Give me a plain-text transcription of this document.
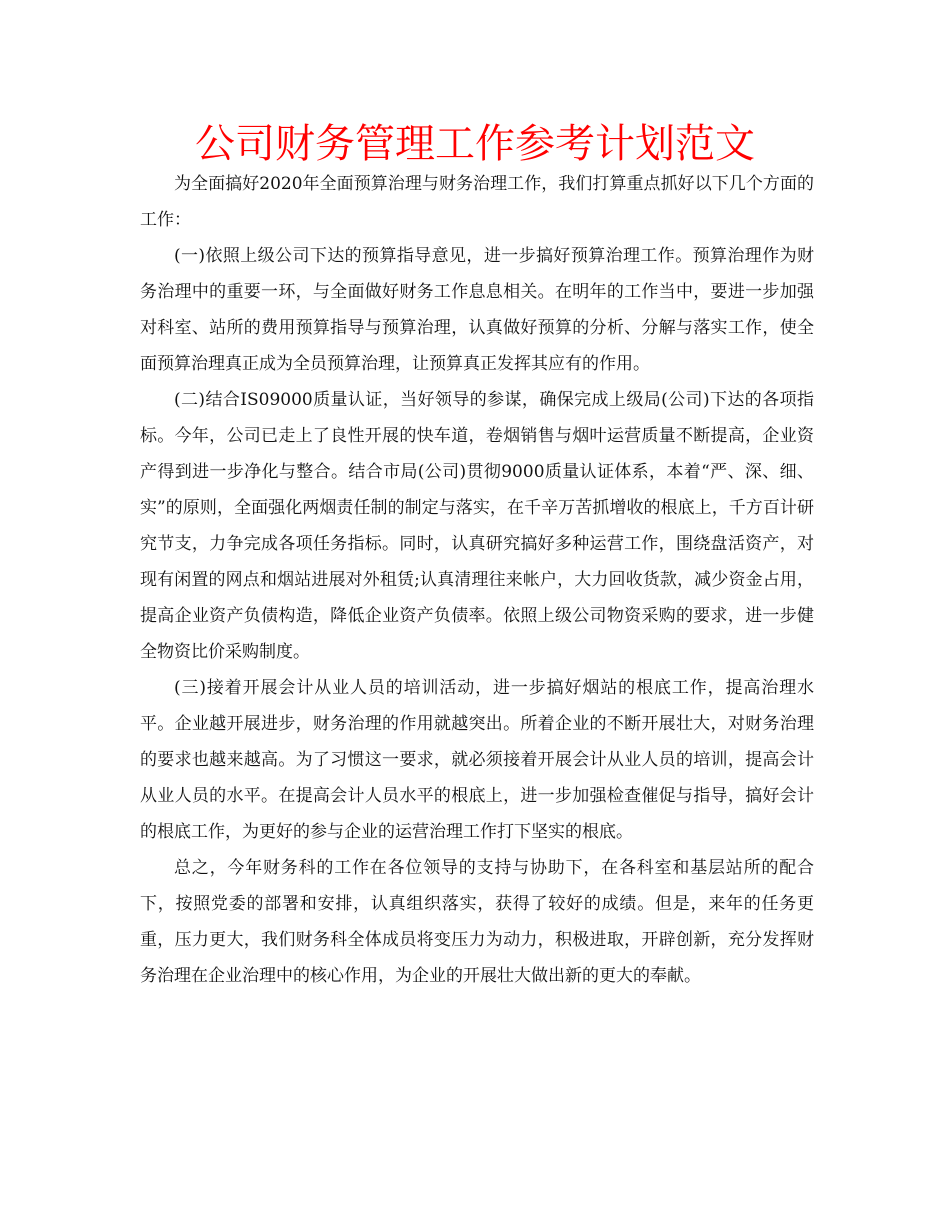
公司财务管理工作参考计划范文

为全面搞好2020年全面预算治理与财务治理工作，我们打算重点抓好以下几个方面的工作：

(一)依照上级公司下达的预算指导意见，进一步搞好预算治理工作。预算治理作为财务治理中的重要一环，与全面做好财务工作息息相关。在明年的工作当中，要进一步加强对科室、站所的费用预算指导与预算治理，认真做好预算的分析、分解与落实工作，使全面预算治理真正成为全员预算治理，让预算真正发挥其应有的作用。

(二)结合IS09000质量认证，当好领导的参谋，确保完成上级局(公司)下达的各项指标。今年，公司已走上了良性开展的快车道，卷烟销售与烟叶运营质量不断提高，企业资产得到进一步净化与整合。结合市局(公司)贯彻9000质量认证体系，本着“严、深、细、实”的原则，全面强化两烟责任制的制定与落实，在千辛万苦抓增收的根底上，千方百计研究节支，力争完成各项任务指标。同时，认真研究搞好多种运营工作，围绕盘活资产，对现有闲置的网点和烟站进展对外租赁;认真清理往来帐户，大力回收货款，减少资金占用，提高企业资产负债构造，降低企业资产负债率。依照上级公司物资采购的要求，进一步健全物资比价采购制度。

(三)接着开展会计从业人员的培训活动，进一步搞好烟站的根底工作，提高治理水平。企业越开展进步，财务治理的作用就越突出。所着企业的不断开展壮大，对财务治理的要求也越来越高。为了习惯这一要求，就必须接着开展会计从业人员的培训，提高会计从业人员的水平。在提高会计人员水平的根底上，进一步加强检查催促与指导，搞好会计的根底工作，为更好的参与企业的运营治理工作打下坚实的根底。

总之，今年财务科的工作在各位领导的支持与协助下，在各科室和基层站所的配合下，按照党委的部署和安排，认真组织落实，获得了较好的成绩。但是，来年的任务更重，压力更大，我们财务科全体成员将变压力为动力，积极进取，开辟创新，充分发挥财务治理在企业治理中的核心作用，为企业的开展壮大做出新的更大的奉献。
